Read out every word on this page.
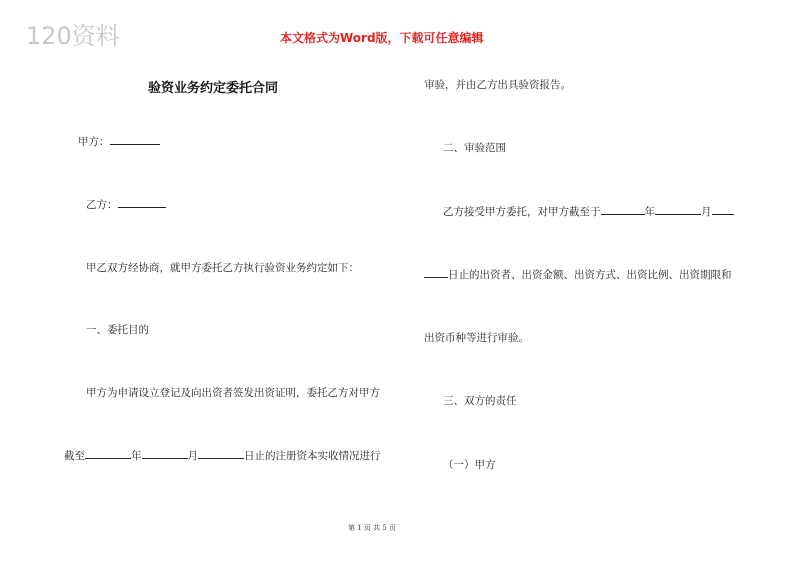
120资料	本文格式为Word版，下载可任意编辑
验资业务约定委托合同
甲方：
乙方：
甲乙双方经协商，就甲方委托乙方执行验资业务约定如下：
一、委托目的
甲方为申请设立登记及向出资者签发出资证明，委托乙方对甲方
截至	年	月	日止的注册资本实收情况进行
审验，并由乙方出具验资报告。
二、审验范围
乙方接受甲方委托，对甲方截至于	年	月
日止的出资者、出资金额、出资方式、出资比例、出资期限和
出资币种等进行审验。
三、双方的责任
（一）甲方
第 1 页 共 5 页
